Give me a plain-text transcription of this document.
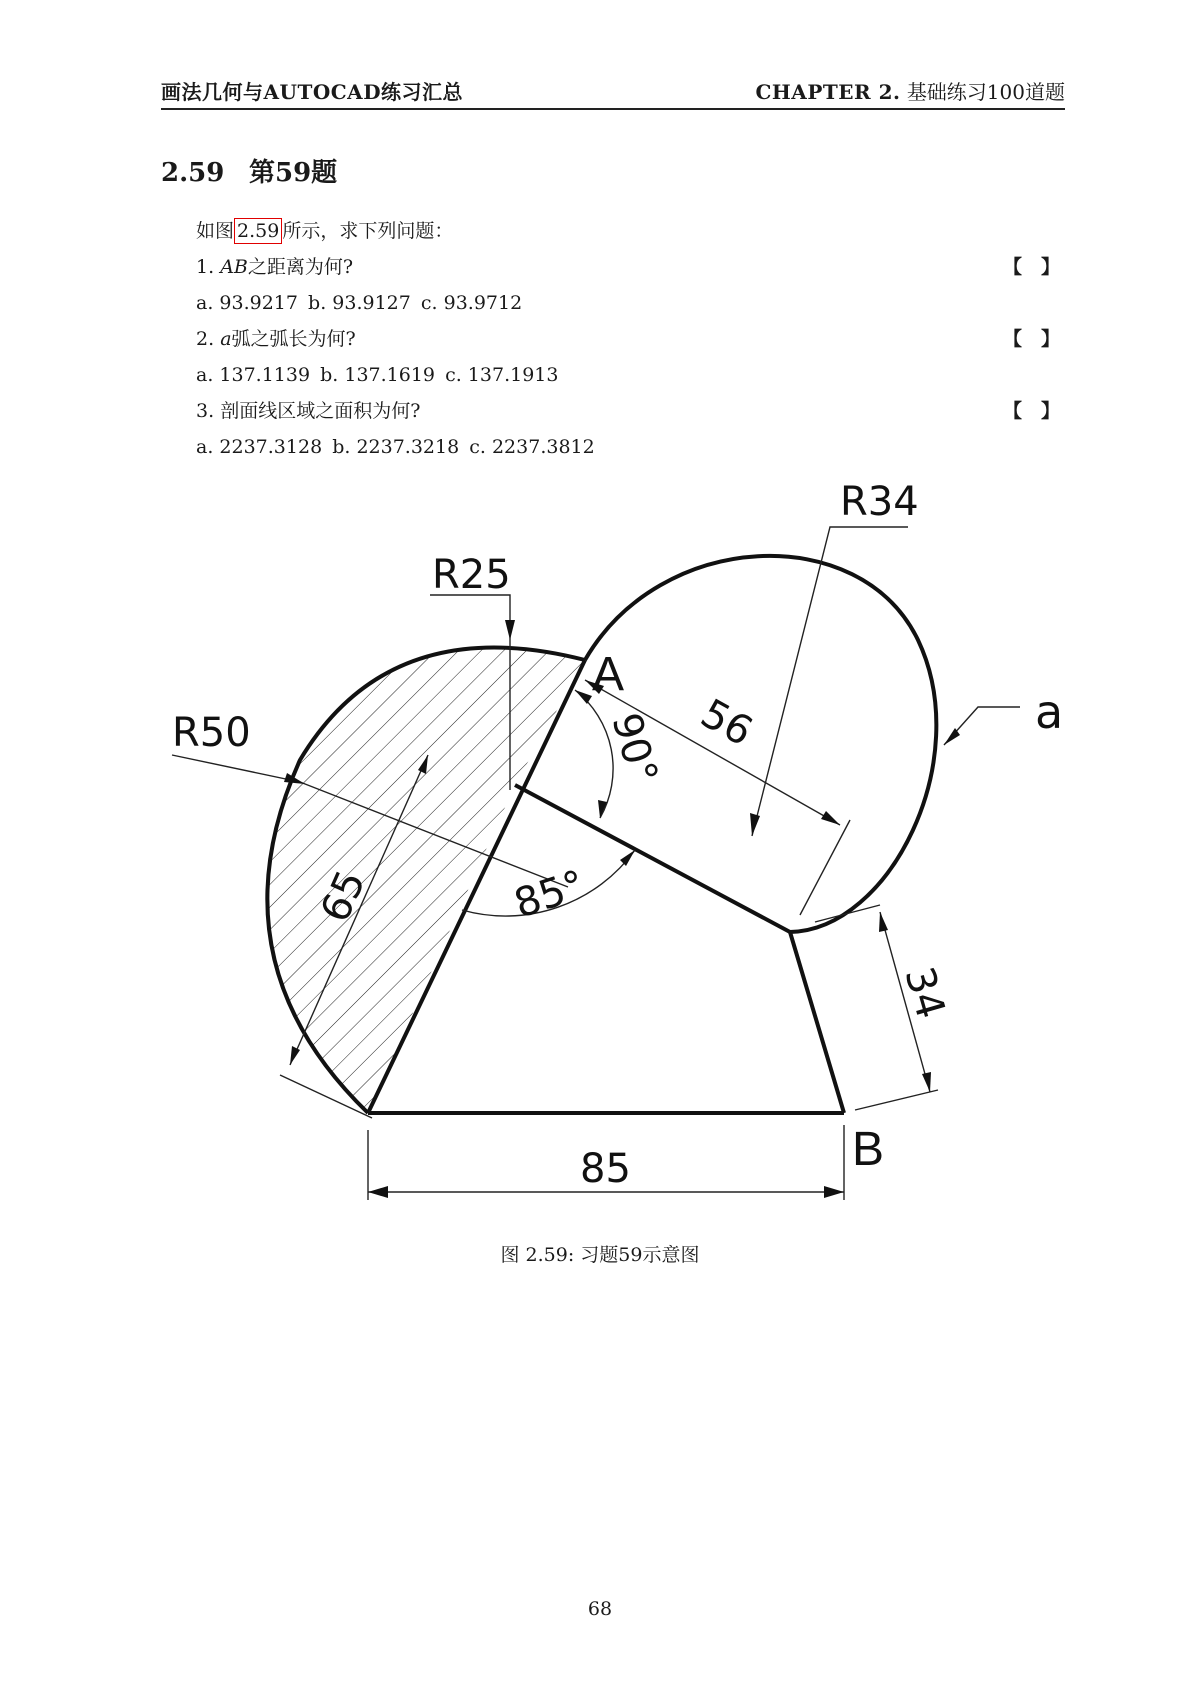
画法几何与AUTOCAD练习汇总	CHAPTER 2. 基础练习100道题
2.59 第59题
如图 2.59 所示，求下列问题：
1. AB之距离为何?	【　】
a. 93.9217 b. 93.9127 c. 93.9712
2. a弧之弧长为何?	【　】
a. 137.1139 b. 137.1619 c. 137.1913
3. 剖面线区域之面积为何?	【　】
a. 2237.3128 b. 2237.3218 c. 2237.3812
R34
R25
R50	a
56
90°
85°
65
34
85
A
B
图 2.59: 习题59示意图
68
